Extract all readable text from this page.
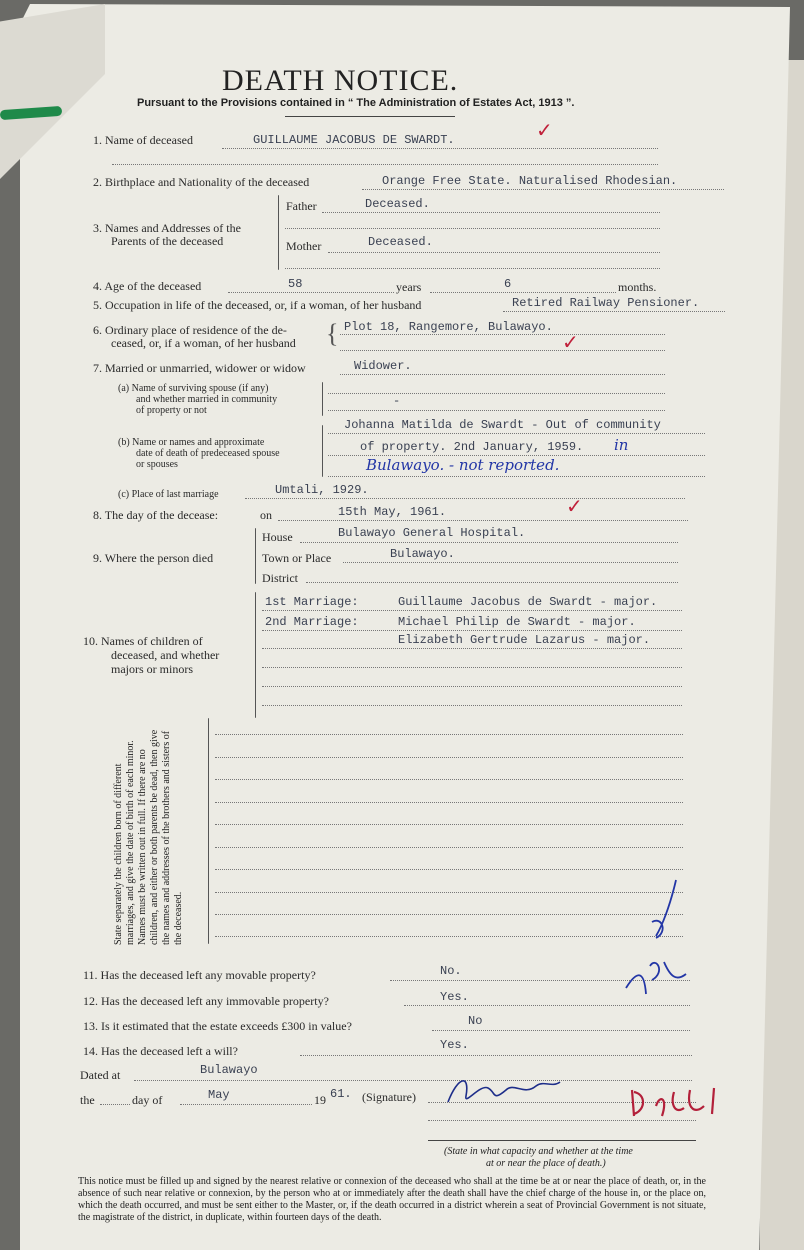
DEATH NOTICE.
Pursuant to the Provisions contained in “ The Administration of Estates Act, 1913 ”.
1. Name of deceased	GUILLAUME JACOBUS DE SWARDT.
2. Birthplace and Nationality of the deceased	Orange Free State. Naturalised Rhodesian.
3. Names and Addresses of the
Parents of the deceased
Father	Deceased.
Mother	Deceased.
4. Age of the deceased	58	years	6	months.
5. Occupation in life of the deceased, or, if a woman, of her husband	Retired Railway Pensioner.
6. Ordinary place of residence of the de-
ceased, or, if a woman, of her husband { Plot 18, Rangemore, Bulawayo.
7. Married or unmarried, widower or widow	Widower.
(a) Name of surviving spouse (if any)
and whether married in community
of property or not
-
(b) Name or names and approximate
date of death of predeceased spouse
or spouses
Johanna Matilda de Swardt - Out of community
of property. 2nd January, 1959. in
Bulawayo. - not reported.
(c) Place of last marriage	Umtali, 1929.
8. The day of the decease:	on	15th May, 1961.
9. Where the person died
House	Bulawayo General Hospital.
Town or Place	Bulawayo.
District
10. Names of children of
deceased, and whether
majors or minors
1st Marriage:	Guillaume Jacobus de Swardt - major.
2nd Marriage:	Michael Philip de Swardt - major.
Elizabeth Gertrude Lazarus - major.
State separately the children born of different marriages, and give the date of birth of each minor. Names must be written out in full. If there are no children, and either or both parents be dead, then give the names and addresses of the brothers and sisters of the deceased.
11. Has the deceased left any movable property?	No.
12. Has the deceased left any immovable property?	Yes.
13. Is it estimated that the estate exceeds £300 in value?	No
14. Has the deceased left a will?	Yes.
Dated at	Bulawayo
the	day of	May	19 61. (Signature)
(State in what capacity and whether at the time
at or near the place of death.)
✓
✓
✓
This notice must be filled up and signed by the nearest relative or connexion of the deceased who shall at the time be at or near the place of death, or, in the absence of such near relative or connexion, by the person who at or immediately after the death shall have the chief charge of the house in, or the place on, which the death occurred, and must be sent either to the Master, or, if the death occurred in a district wherein a seat of Provincial Government is not situate, the magistrate of the district, in duplicate, within fourteen days of the death.
